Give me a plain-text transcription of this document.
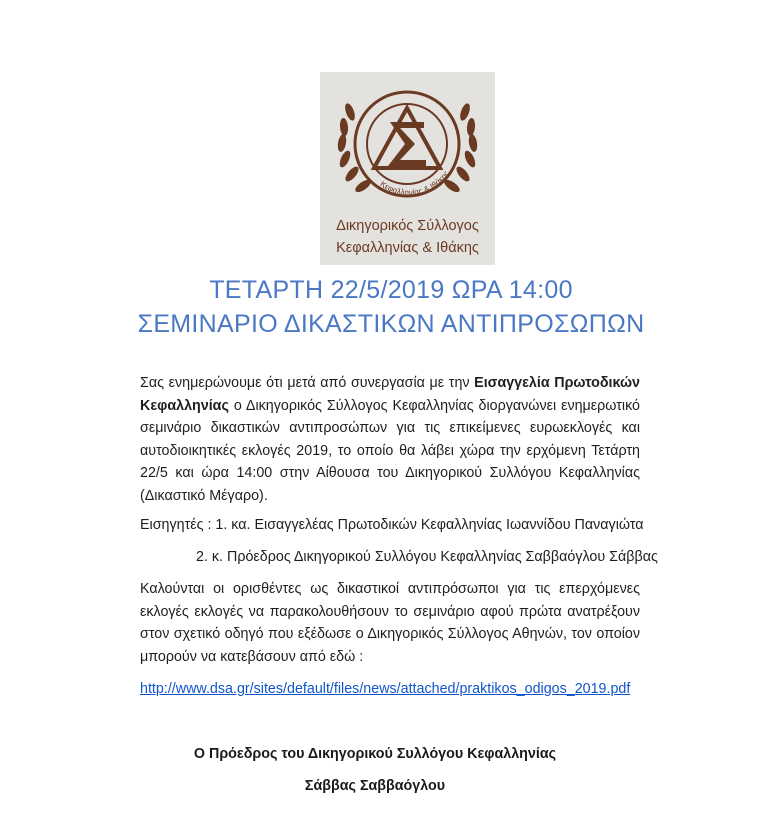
Κεφαλληνίας & Ιθάκης
Δικηγορικός Σύλλογος
Κεφαλληνίας & Ιθάκης
ΤΕΤΑΡΤΗ 22/5/2019 ΩΡΑ 14:00
ΣΕΜΙΝΑΡΙΟ ΔΙΚΑΣΤΙΚΩΝ ΑΝΤΙΠΡΟΣΩΠΩΝ
Σας ενημερώνουμε ότι μετά από συνεργασία με την Εισαγγελία Πρωτοδικών Κεφαλληνίας ο Δικηγορικός Σύλλογος Κεφαλληνίας διοργανώνει ενημερωτικό σεμινάριο δικαστικών αντιπροσώπων για τις επικείμενες ευρωεκλογές και αυτοδιοικητικές εκλογές 2019, το οποίο θα λάβει χώρα την ερχόμενη Τετάρτη 22/5 και ώρα 14:00 στην Αίθουσα του Δικηγορικού Συλλόγου Κεφαλληνίας (Δικαστικό Μέγαρο).
Εισηγητές : 1. κα. Εισαγγελέας Πρωτοδικών Κεφαλληνίας Ιωαννίδου Παναγιώτα
2. κ. Πρόεδρος Δικηγορικού Συλλόγου Κεφαλληνίας Σαββαόγλου Σάββας
Καλούνται οι ορισθέντες ως δικαστικοί αντιπρόσωποι για τις επερχόμενες εκλογές εκλογές να παρακολουθήσουν το σεμινάριο αφού πρώτα ανατρέξουν στον σχετικό οδηγό που εξέδωσε ο Δικηγορικός Σύλλογος Αθηνών, τον οποίον μπορούν να κατεβάσουν από εδώ :
http://www.dsa.gr/sites/default/files/news/attached/praktikos_odigos_2019.pdf
Ο Πρόεδρος του Δικηγορικού Συλλόγου Κεφαλληνίας
Σάββας Σαββαόγλου
